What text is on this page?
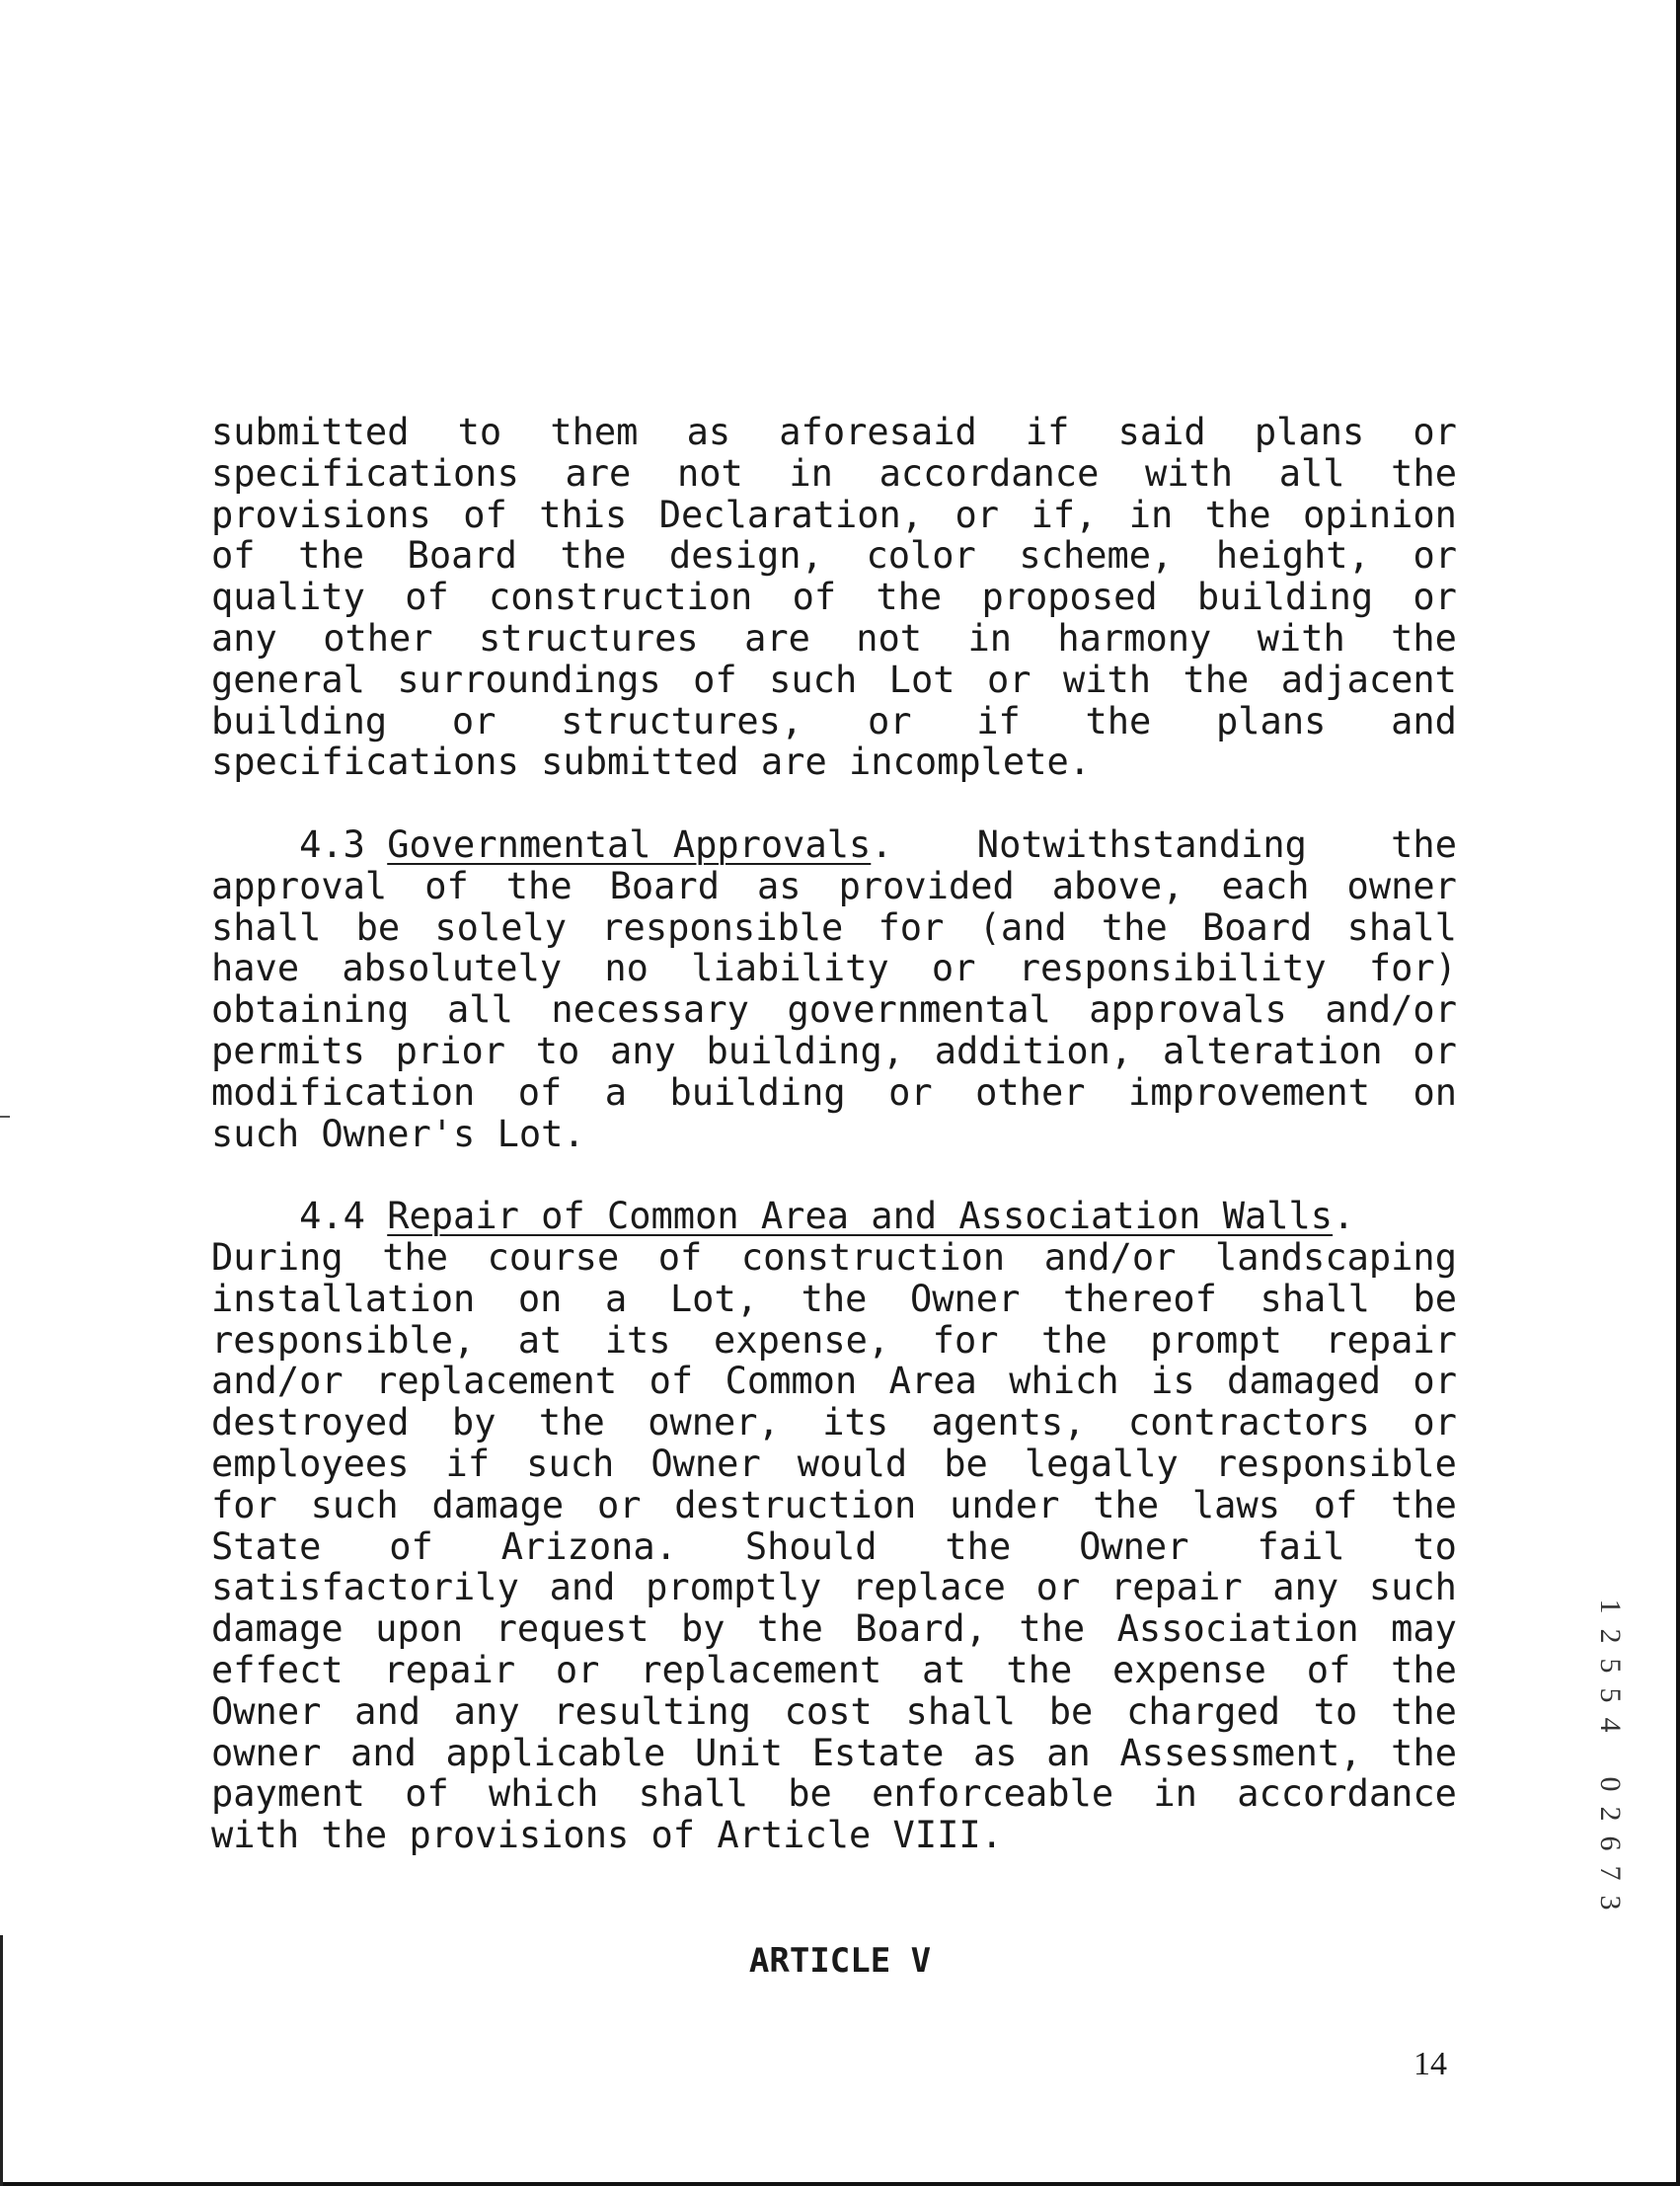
submitted to them as aforesaid if said plans or
specifications are not in accordance with all the
provisions of this Declaration, or if, in the opinion
of the Board the design, color scheme, height, or
quality of construction of the proposed building or
any other structures are not in harmony with the
general surroundings of such Lot or with the adjacent
building or structures, or if the plans and
specifications submitted are incomplete.
4.3 Governmental Approvals. Notwithstanding the
approval of the Board as provided above, each owner
shall be solely responsible for (and the Board shall
have absolutely no liability or responsibility for)
obtaining all necessary governmental approvals and/or
permits prior to any building, addition, alteration or
modification of a building or other improvement on
such Owner's Lot.
4.4 Repair of Common Area and Association Walls.
During the course of construction and/or landscaping
installation on a Lot, the Owner thereof shall be
responsible, at its expense, for the prompt repair
and/or replacement of Common Area which is damaged or
destroyed by the owner, its agents, contractors or
employees if such Owner would be legally responsible
for such damage or destruction under the laws of the
State of Arizona. Should the Owner fail to
satisfactorily and promptly replace or repair any such
damage upon request by the Board, the Association may
effect repair or replacement at the expense of the
Owner and any resulting cost shall be charged to the
owner and applicable Unit Estate as an Assessment, the
payment of which shall be enforceable in accordance
with the provisions of Article VIII.
ARTICLE V
14
1
2
5
5
4
0
2
6
7
3
